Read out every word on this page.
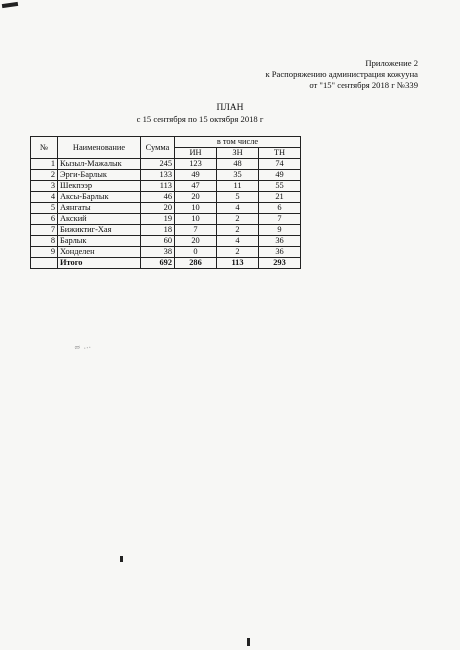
≈ ...
Приложение 2
к Распоряжению администрация кожууна
от "15" сентября 2018 г №339
ПЛАН
с 15 сентября по 15 октября 2018 г
№	Наименование	Сумма	в том числе		
			ИН	ЗН	ТН
1	Кызыл-Мажалык	245	123	48	74
2	Эрги-Барлык	133	49	35	49
3	Шекпээр	113	47	11	55
4	Аксы-Барлык	46	20	5	21
5	Аянгаты	20	10	4	6
6	Акский	19	10	2	7
7	Бижиктиг-Хая	18	7	2	9
8	Барлык	60	20	4	36
9	Хонделен	38	0	2	36
	Итого	692	286	113	293
